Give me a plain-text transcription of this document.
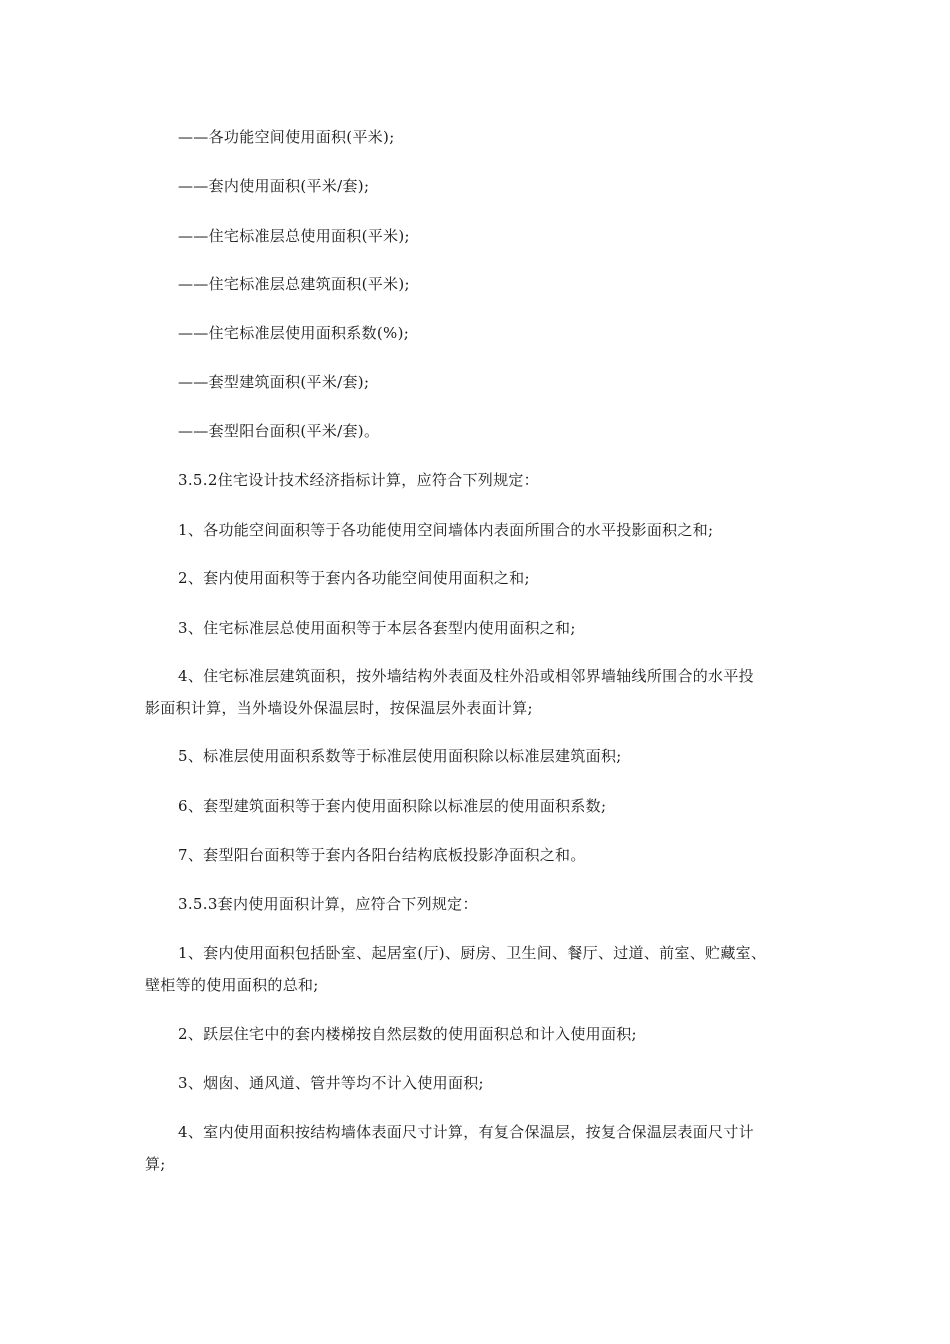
——各功能空间使用面积(平米);
——套内使用面积(平米/套);
——住宅标准层总使用面积(平米);
——住宅标准层总建筑面积(平米);
——住宅标准层使用面积系数(%);
——套型建筑面积(平米/套);
——套型阳台面积(平米/套)。
3.5.2住宅设计技术经济指标计算，应符合下列规定：
1、各功能空间面积等于各功能使用空间墙体内表面所围合的水平投影面积之和;
2、套内使用面积等于套内各功能空间使用面积之和;
3、住宅标准层总使用面积等于本层各套型内使用面积之和;
4、住宅标准层建筑面积，按外墙结构外表面及柱外沿或相邻界墙轴线所围合的水平投
影面积计算，当外墙设外保温层时，按保温层外表面计算;
5、标准层使用面积系数等于标准层使用面积除以标准层建筑面积;
6、套型建筑面积等于套内使用面积除以标准层的使用面积系数;
7、套型阳台面积等于套内各阳台结构底板投影净面积之和。
3.5.3套内使用面积计算，应符合下列规定：
1、套内使用面积包括卧室、起居室(厅)、厨房、卫生间、餐厅、过道、前室、贮藏室、
壁柜等的使用面积的总和;
2、跃层住宅中的套内楼梯按自然层数的使用面积总和计入使用面积;
3、烟囱、通风道、管井等均不计入使用面积;
4、室内使用面积按结构墙体表面尺寸计算，有复合保温层，按复合保温层表面尺寸计
算;
